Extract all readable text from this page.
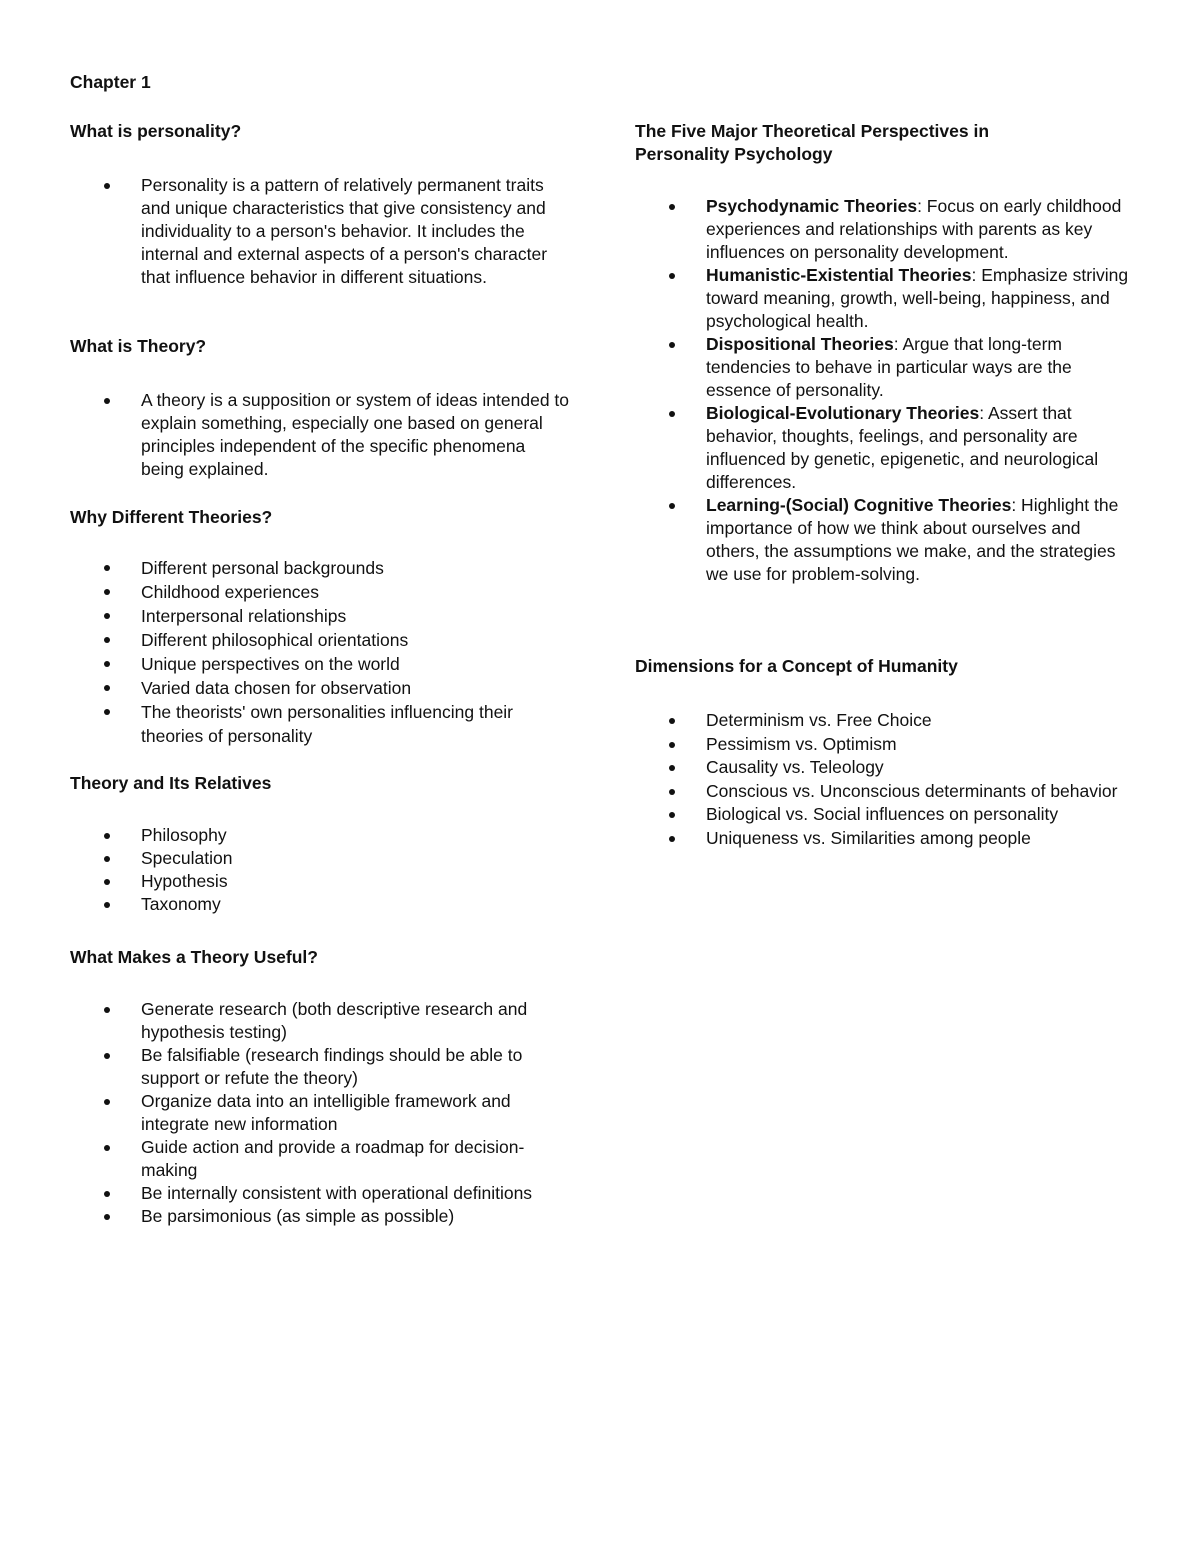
Chapter 1
What is personality?
Personality is a pattern of relatively permanent traits and unique characteristics that give consistency and individuality to a person's behavior. It includes the internal and external aspects of a person's character that influence behavior in different situations.
What is Theory?
A theory is a supposition or system of ideas intended to explain something, especially one based on general principles independent of the specific phenomena being explained.
Why Different Theories?
Different personal backgrounds
Childhood experiences
Interpersonal relationships
Different philosophical orientations
Unique perspectives on the world
Varied data chosen for observation
The theorists' own personalities influencing their theories of personality
Theory and Its Relatives
Philosophy
Speculation
Hypothesis
Taxonomy
What Makes a Theory Useful?
Generate research (both descriptive research and hypothesis testing)
Be falsifiable (research findings should be able to support or refute the theory)
Organize data into an intelligible framework and integrate new information
Guide action and provide a roadmap for decision-making
Be internally consistent with operational definitions
Be parsimonious (as simple as possible)
The Five Major Theoretical Perspectives in Personality Psychology
Psychodynamic Theories: Focus on early childhood experiences and relationships with parents as key influences on personality development.
Humanistic-Existential Theories: Emphasize striving toward meaning, growth, well-being, happiness, and psychological health.
Dispositional Theories: Argue that long-term tendencies to behave in particular ways are the essence of personality.
Biological-Evolutionary Theories: Assert that behavior, thoughts, feelings, and personality are influenced by genetic, epigenetic, and neurological differences.
Learning-(Social) Cognitive Theories: Highlight the importance of how we think about ourselves and others, the assumptions we make, and the strategies we use for problem-solving.
Dimensions for a Concept of Humanity
Determinism vs. Free Choice
Pessimism vs. Optimism
Causality vs. Teleology
Conscious vs. Unconscious determinants of behavior
Biological vs. Social influences on personality
Uniqueness vs. Similarities among people
